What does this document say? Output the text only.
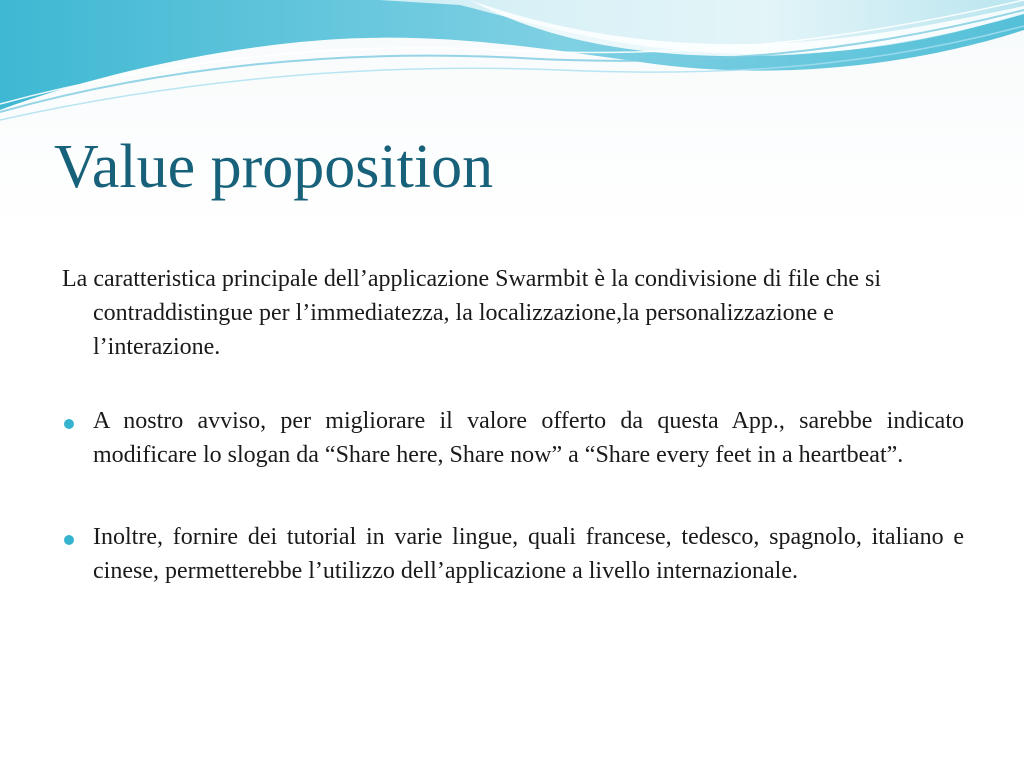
Value proposition

La caratteristica principale dell’applicazione Swarmbit è la condivisione di file che si contraddistingue per l’immediatezza, la localizzazione,la personalizzazione e l’interazione.

A nostro avviso, per migliorare il valore offerto da questa App., sarebbe indicato modificare lo slogan da “Share here, Share now” a “Share every feet in a heartbeat”.
Inoltre, fornire dei tutorial in varie lingue, quali francese, tedesco, spagnolo, italiano e cinese, permetterebbe l’utilizzo dell’applicazione a livello internazionale.
